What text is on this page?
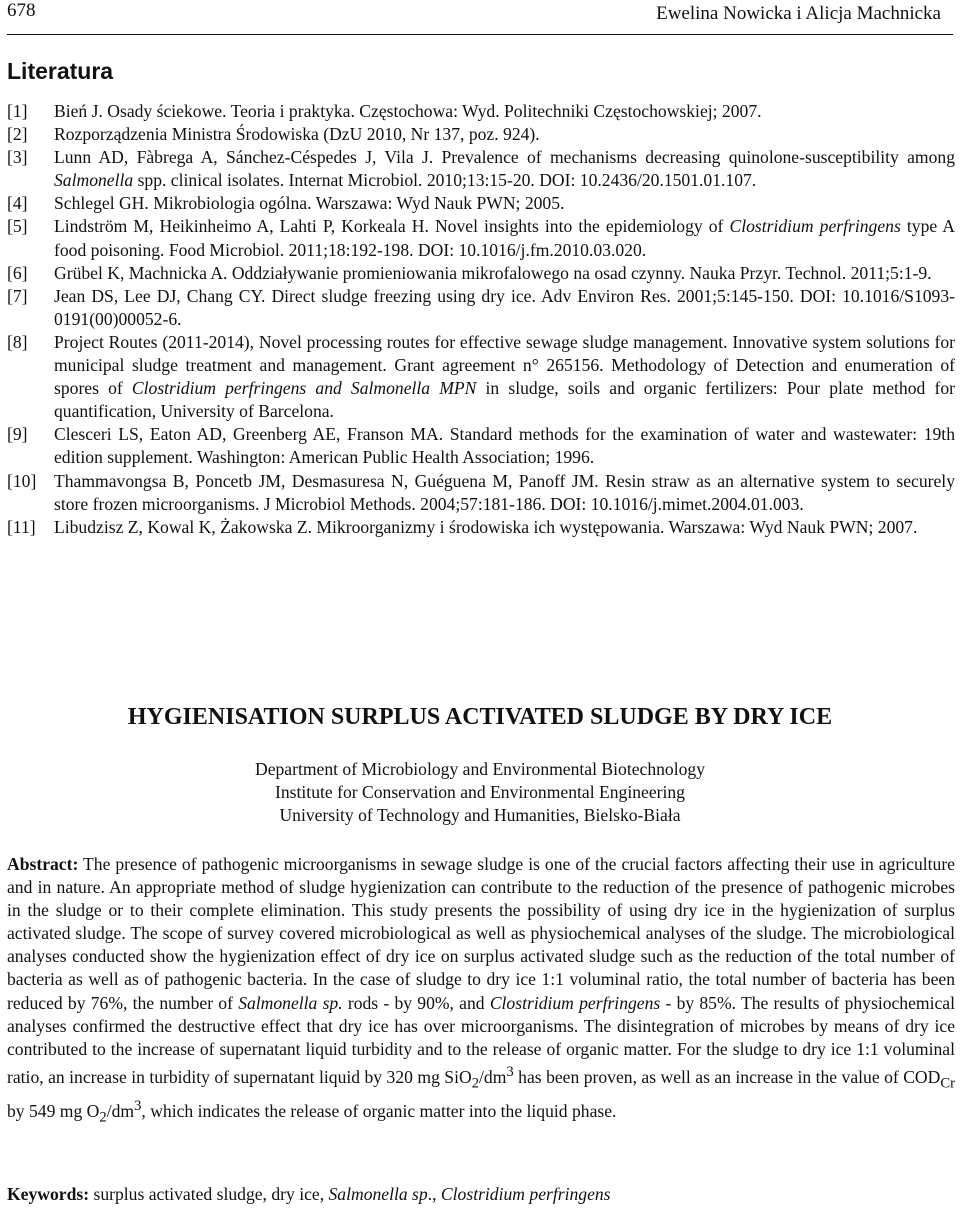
678	Ewelina Nowicka i Alicja Machnicka
Literatura
[1]	Bień J. Osady ściekowe. Teoria i praktyka. Częstochowa: Wyd. Politechniki Częstochowskiej; 2007.
[2]	Rozporządzenia Ministra Środowiska (DzU 2010, Nr 137, poz. 924).
[3]	Lunn AD, Fàbrega A, Sánchez-Céspedes J, Vila J. Prevalence of mechanisms decreasing quinolone-susceptibility among Salmonella spp. clinical isolates. Internat Microbiol. 2010;13:15-20. DOI: 10.2436/20.1501.01.107.
[4]	Schlegel GH. Mikrobiologia ogólna. Warszawa: Wyd Nauk PWN; 2005.
[5]	Lindström M, Heikinheimo A, Lahti P, Korkeala H. Novel insights into the epidemiology of Clostridium perfringens type A food poisoning. Food Microbiol. 2011;18:192-198. DOI: 10.1016/j.fm.2010.03.020.
[6]	Grübel K, Machnicka A. Oddziaływanie promieniowania mikrofalowego na osad czynny. Nauka Przyr. Technol. 2011;5:1-9.
[7]	Jean DS, Lee DJ, Chang CY. Direct sludge freezing using dry ice. Adv Environ Res. 2001;5:145-150. DOI: 10.1016/S1093-0191(00)00052-6.
[8]	Project Routes (2011-2014), Novel processing routes for effective sewage sludge management. Innovative system solutions for municipal sludge treatment and management. Grant agreement n° 265156. Methodology of Detection and enumeration of spores of Clostridium perfringens and Salmonella MPN in sludge, soils and organic fertilizers: Pour plate method for quantification, University of Barcelona.
[9]	Clesceri LS, Eaton AD, Greenberg AE, Franson MA. Standard methods for the examination of water and wastewater: 19th edition supplement. Washington: American Public Health Association; 1996.
[10]	Thammavongsa B, Poncetb JM, Desmasuresa N, Guéguena M, Panoff JM. Resin straw as an alternative system to securely store frozen microorganisms. J Microbiol Methods. 2004;57:181-186. DOI: 10.1016/j.mimet.2004.01.003.
[11]	Libudzisz Z, Kowal K, Żakowska Z. Mikroorganizmy i środowiska ich występowania. Warszawa: Wyd Nauk PWN; 2007.
HYGIENISATION SURPLUS ACTIVATED SLUDGE BY DRY ICE
Department of Microbiology and Environmental Biotechnology
Institute for Conservation and Environmental Engineering
University of Technology and Humanities, Bielsko-Biała

Abstract: The presence of pathogenic microorganisms in sewage sludge is one of the crucial factors affecting their use in agriculture and in nature. An appropriate method of sludge hygienization can contribute to the reduction of the presence of pathogenic microbes in the sludge or to their complete elimination. This study presents the possibility of using dry ice in the hygienization of surplus activated sludge. The scope of survey covered microbiological as well as physiochemical analyses of the sludge. The microbiological analyses conducted show the hygienization effect of dry ice on surplus activated sludge such as the reduction of the total number of bacteria as well as of pathogenic bacteria. In the case of sludge to dry ice 1:1 voluminal ratio, the total number of bacteria has been reduced by 76%, the number of Salmonella sp. rods - by 90%, and Clostridium perfringens - by 85%. The results of physiochemical analyses confirmed the destructive effect that dry ice has over microorganisms. The disintegration of microbes by means of dry ice contributed to the increase of supernatant liquid turbidity and to the release of organic matter. For the sludge to dry ice 1:1 voluminal ratio, an increase in turbidity of supernatant liquid by 320 mg $SiO_2/dm^3$ has been proven, as well as an increase in the value of $COD_{Cr}$ by 549 mg $O_2/dm^3$, which indicates the release of organic matter into the liquid phase.

Keywords: surplus activated sludge, dry ice, Salmonella sp., Clostridium perfringens
